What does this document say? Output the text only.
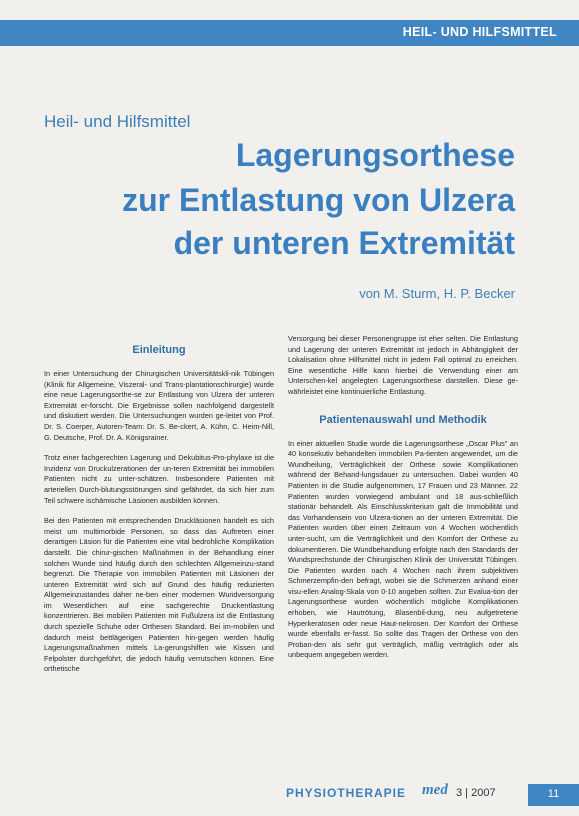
HEIL- UND HILFSMITTEL
Heil- und Hilfsmittel
Lagerungsorthese
zur Entlastung von Ulzera
der unteren Extremität
von M. Sturm, H. P. Becker
Einleitung

In einer Untersuchung der Chirurgischen Universitätskli-nik Tübingen (Klinik für Allgemeine, Viszeral- und Trans-plantationschirurgie) wurde eine neue Lagerungsorthe-se zur Entlastung von Ulzera der unteren Extremität er-forscht. Die Ergebnisse sollen nachfolgend dargestellt und diskutiert werden. Die Untersuchungen wurden ge-leitet von Prof. Dr. S. Coerper, Autoren-Team: Dr. S. Be-ckert, A. Kühn, C. Heim-Nill, G. Deutsche, Prof. Dr. A. Königsrainer.

Trotz einer fachgerechten Lagerung und Dekubitus-Pro-phylaxe ist die Inzidenz von Druckulzerationen der un-teren Extremität bei immobilen Patienten nicht zu unter-schätzen. Insbesondere Patienten mit arteriellen Durch-blutungsstörungen sind gefährdet, da sich hier zum Teil schwere ischämische Läsionen ausbilden können.

Bei den Patienten mit entsprechenden Druckläsionen handelt es sich meist um multimorbide Personen, so dass das Auftreten einer derartigen Läsion für die Patienten eine vital bedrohliche Komplikation darstellt. Die chirur-gischen Maßnahmen in der Behandlung einer solchen Wunde sind häufig durch den schlechten Allgemeinzu-stand begrenzt. Die Therapie von immobilen Patienten mit Läsionen der unteren Extremität wird sich auf Grund des häufig reduzierten Allgemeinzustandes daher ne-ben einer modernen Wundversorgung im Wesentlichen auf eine sachgerechte Druckentlastung konzentrieren. Bei mobilen Patienten mit Fußulzera ist die Entlastung durch spezielle Schuhe oder Orthesen Standard. Bei im-mobilen und dadurch meist bettlägerigen Patienten hin-gegen werden häufig Lagerungsmaßnahmen mittels La-gerungshilfen wie Kissen und Felpolster durchgeführt, die jedoch häufig verrutschen können. Eine orthetische

Versorgung bei dieser Personengruppe ist eher selten. Die Entlastung und Lagerung der unteren Extremität ist jedoch in Abhängigkeit der Lokalisation ohne Hilfsmittel nicht in jedem Fall optimal zu erreichen. Eine wesentliche Hilfe kann hierbei die Verwendung einer am Unterschen-kel angelegten Lagerungsorthese darstellen. Diese ge-währleistet eine kontinuierliche Entlastung.

Patientenauswahl und Methodik

In einer aktuellen Studie wurde die Lagerungsorthese „Oscar Plus" an 40 konsekutiv behandelten immobilen Pa-tienten angewendet, um die Wundheilung, Verträglichkeit der Orthese sowie Komplikationen während der Behand-lungsdauer zu untersuchen. Dabei wurden 40 Patienten in die Studie aufgenommen, 17 Frauen und 23 Männer. 22 Patienten wurden vorwiegend ambulant und 18 aus-schließlich stationär behandelt. Als Einschlusskriterium galt die Immobilität und das Vorhandensein von Ulzera-tionen an der unteren Extremität. Die Patienten wurden über einen Zeitraum von 4 Wochen wöchentlich unter-sucht, um die Verträglichkeit und den Komfort der Orthese zu dokumentieren. Die Wundbehandlung erfolgte nach den Standards der Wundsprechstunde der Chirurgischen Klinik der Universität Tübingen. Die Patienten wurden nach 4 Wochen nach ihrem subjektiven Schmerzempfin-den befragt, wobei sie die Schmerzen anhand einer visu-ellen Analog-Skala von 0-10 angeben sollten. Zur Evalua-tion der Lagerungsorthese wurden wöchentlich mögliche Komplikationen erhoben, wie Hautrötung, Blasenbil-dung, neu aufgetretene Hyperkeratosen oder neue Haut-nekrosen. Der Komfort der Orthese wurde ebenfalls er-fasst. So sollte das Tragen der Orthese von den Proban-den als sehr gut verträglich, mäßig verträglich oder als unbequem angegeben werden.

PHYSIOTHERAPIE med 3 | 2007	11
